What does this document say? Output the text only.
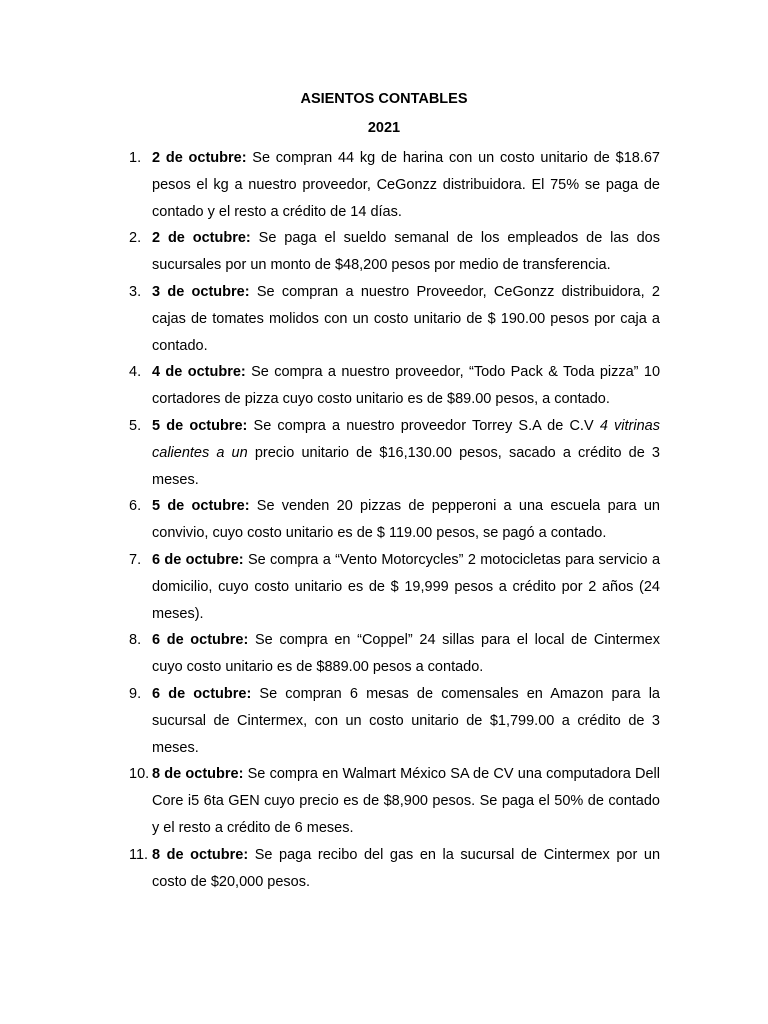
ASIENTOS CONTABLES
2021
1. 2 de octubre: Se compran 44 kg de harina con un costo unitario de $18.67 pesos el kg a nuestro proveedor, CeGonzz distribuidora. El 75% se paga de contado y el resto a crédito de 14 días.
2. 2 de octubre: Se paga el sueldo semanal de los empleados de las dos sucursales por un monto de $48,200 pesos por medio de transferencia.
3. 3 de octubre: Se compran a nuestro Proveedor, CeGonzz distribuidora, 2 cajas de tomates molidos con un costo unitario de $ 190.00 pesos por caja a contado.
4. 4 de octubre: Se compra a nuestro proveedor, “Todo Pack & Toda pizza” 10 cortadores de pizza cuyo costo unitario es de $89.00 pesos, a contado.
5. 5 de octubre: Se compra a nuestro proveedor Torrey S.A de C.V 4 vitrinas calientes a un precio unitario de $16,130.00 pesos, sacado a crédito de 3 meses.
6. 5 de octubre: Se venden 20 pizzas de pepperoni a una escuela para un convivio, cuyo costo unitario es de $ 119.00 pesos, se pagó a contado.
7. 6 de octubre: Se compra a “Vento Motorcycles” 2 motocicletas para servicio a domicilio, cuyo costo unitario es de $ 19,999 pesos a crédito por 2 años (24 meses).
8. 6 de octubre: Se compra en “Coppel” 24 sillas para el local de Cintermex cuyo costo unitario es de $889.00 pesos a contado.
9. 6 de octubre: Se compran 6 mesas de comensales en Amazon para la sucursal de Cintermex, con un costo unitario de $1,799.00 a crédito de 3 meses.
10. 8 de octubre: Se compra en Walmart México SA de CV una computadora Dell Core i5 6ta GEN cuyo precio es de $8,900 pesos. Se paga el 50% de contado y el resto a crédito de 6 meses.
11. 8 de octubre: Se paga recibo del gas en la sucursal de Cintermex por un costo de $20,000 pesos.
